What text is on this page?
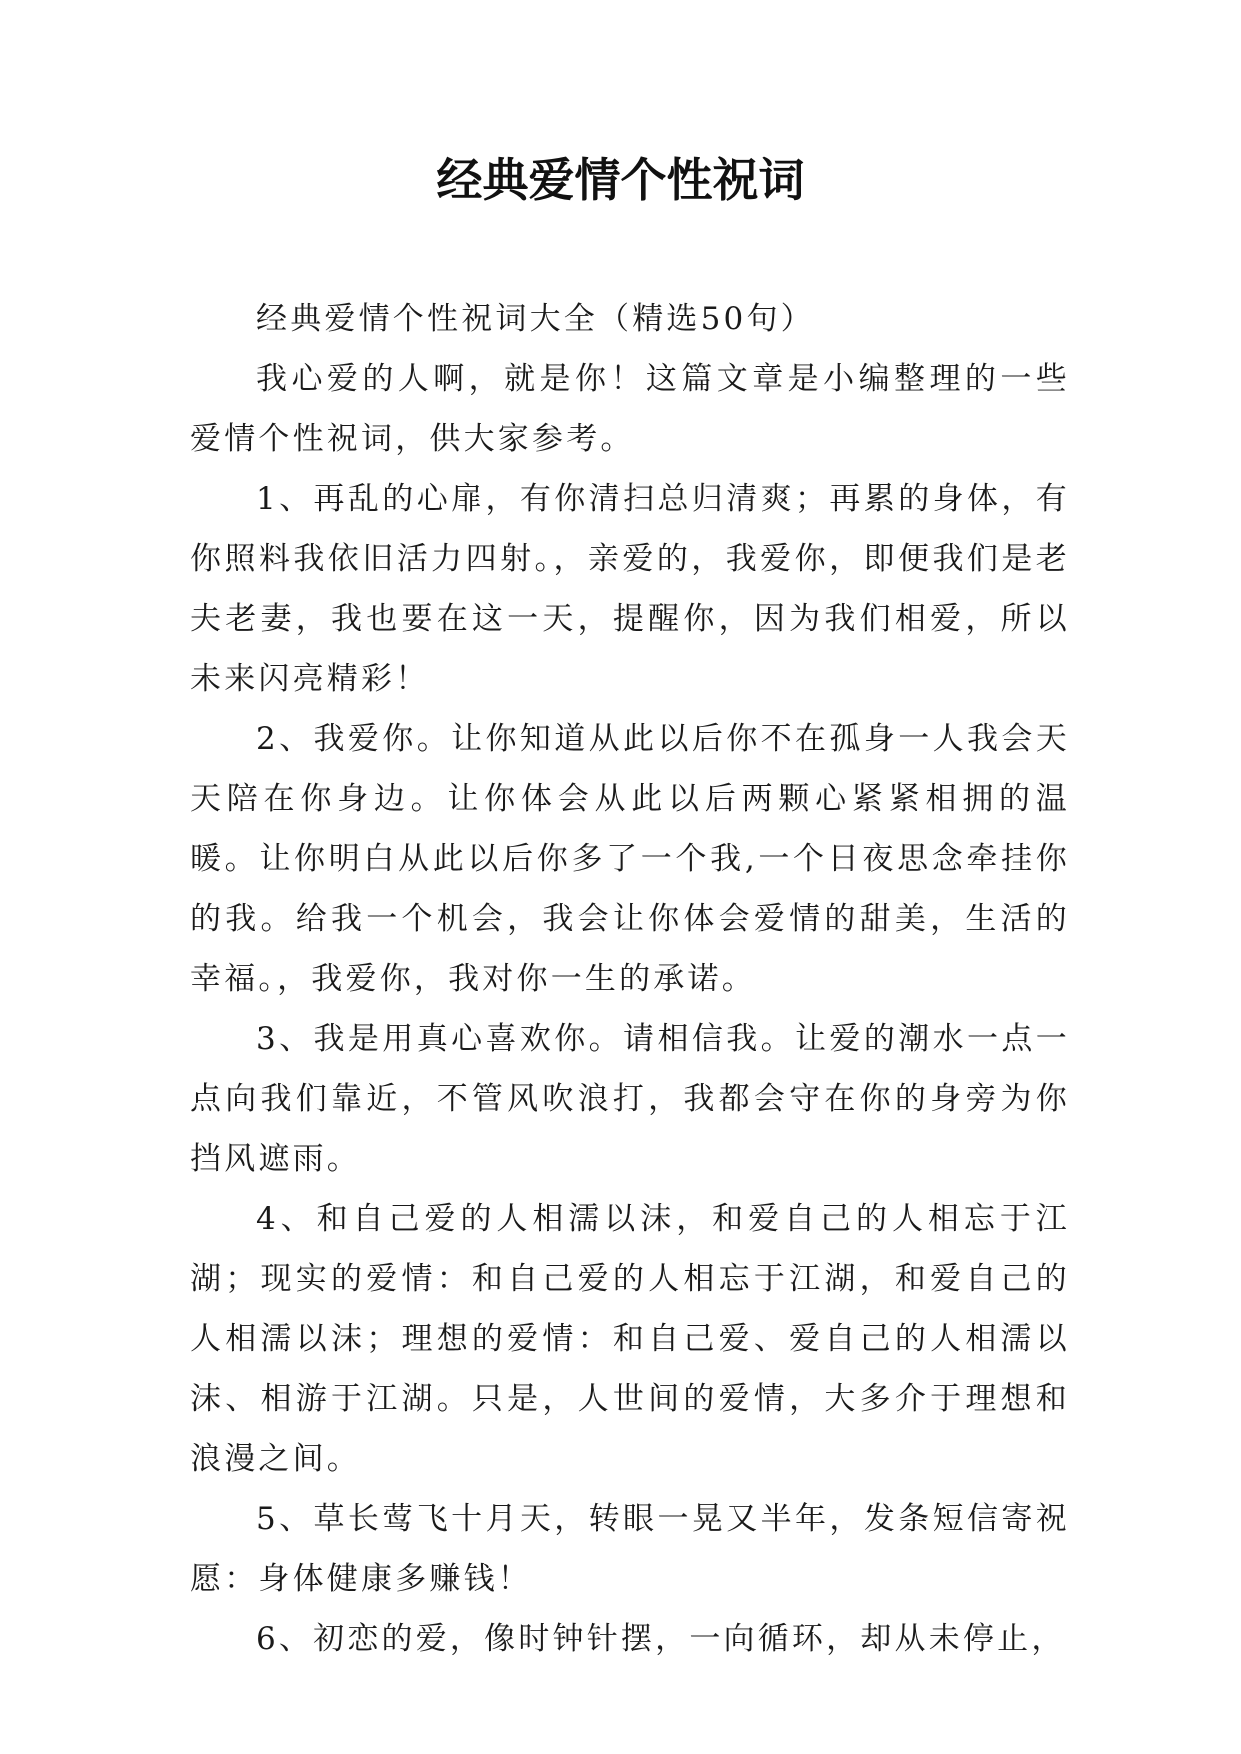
经典爱情个性祝词

经典爱情个性祝词大全（精选50句）

我心爱的人啊，就是你！这篇文章是小编整理的一些爱情个性祝词，供大家参考。

1、再乱的心扉，有你清扫总归清爽；再累的身体，有你照料我依旧活力四射。，亲爱的，我爱你，即便我们是老夫老妻，我也要在这一天，提醒你，因为我们相爱，所以未来闪亮精彩！

2、我爱你。让你知道从此以后你不在孤身一人我会天天陪在你身边。让你体会从此以后两颗心紧紧相拥的温暖。让你明白从此以后你多了一个我,一个日夜思念牵挂你的我。给我一个机会，我会让你体会爱情的甜美，生活的幸福。，我爱你，我对你一生的承诺。

3、我是用真心喜欢你。请相信我。让爱的潮水一点一点向我们靠近，不管风吹浪打，我都会守在你的身旁为你挡风遮雨。

4、和自己爱的人相濡以沫，和爱自己的人相忘于江湖；现实的爱情：和自己爱的人相忘于江湖，和爱自己的人相濡以沫；理想的爱情：和自己爱、爱自己的人相濡以沫、相游于江湖。只是，人世间的爱情，大多介于理想和浪漫之间。

5、草长莺飞十月天，转眼一晃又半年，发条短信寄祝愿：身体健康多赚钱！

6、初恋的爱，像时钟针摆，一向循环，却从未停止，
